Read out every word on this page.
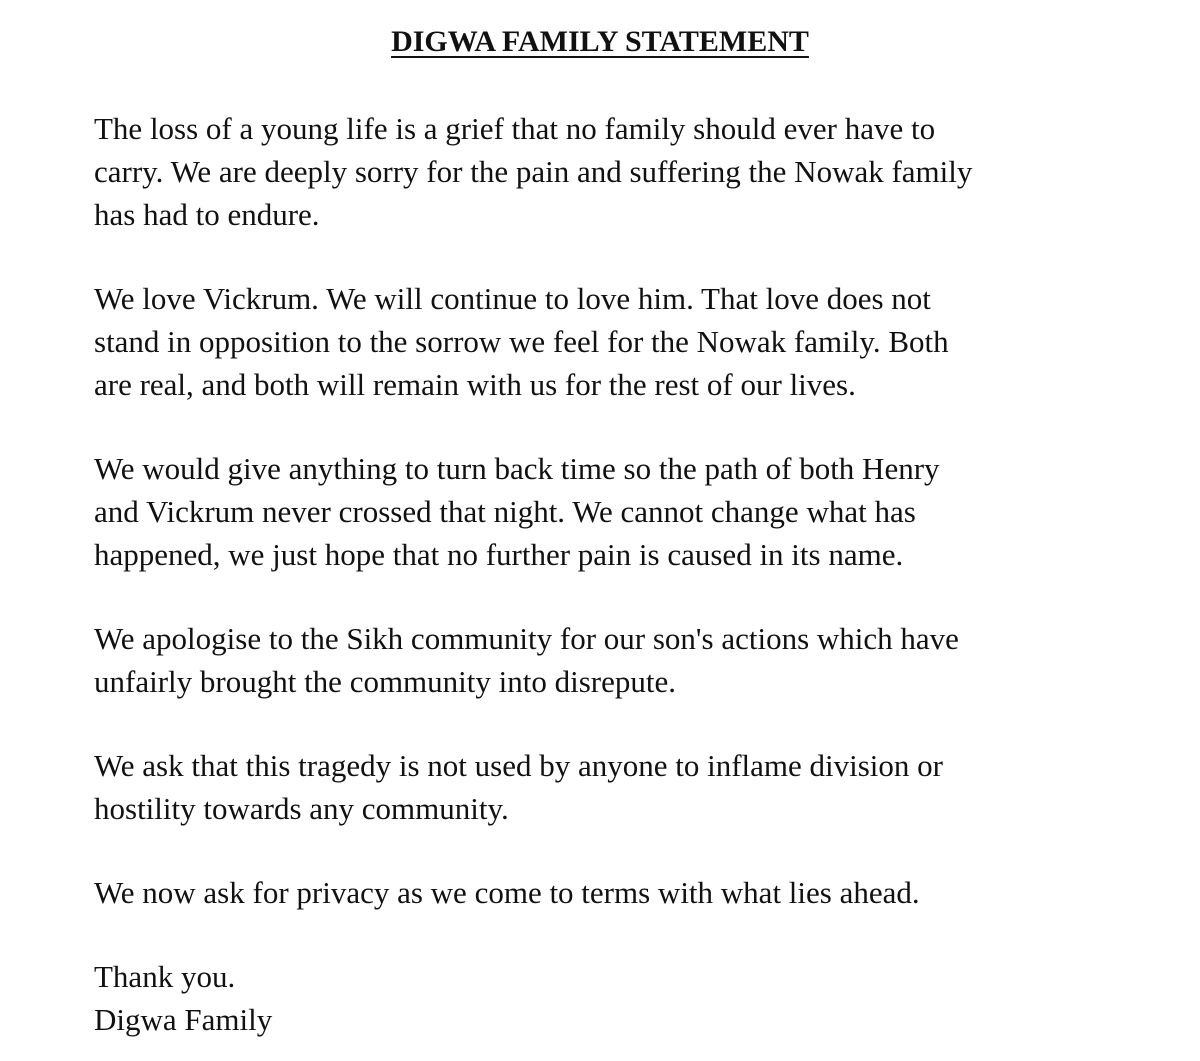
DIGWA FAMILY STATEMENT

The loss of a young life is a grief that no family should ever have to
carry. We are deeply sorry for the pain and suffering the Nowak family
has had to endure.

We love Vickrum. We will continue to love him. That love does not
stand in opposition to the sorrow we feel for the Nowak family. Both
are real, and both will remain with us for the rest of our lives.

We would give anything to turn back time so the path of both Henry
and Vickrum never crossed that night. We cannot change what has
happened, we just hope that no further pain is caused in its name.

We apologise to the Sikh community for our son's actions which have
unfairly brought the community into disrepute.

We ask that this tragedy is not used by anyone to inflame division or
hostility towards any community.

We now ask for privacy as we come to terms with what lies ahead.

Thank you.
Digwa Family
